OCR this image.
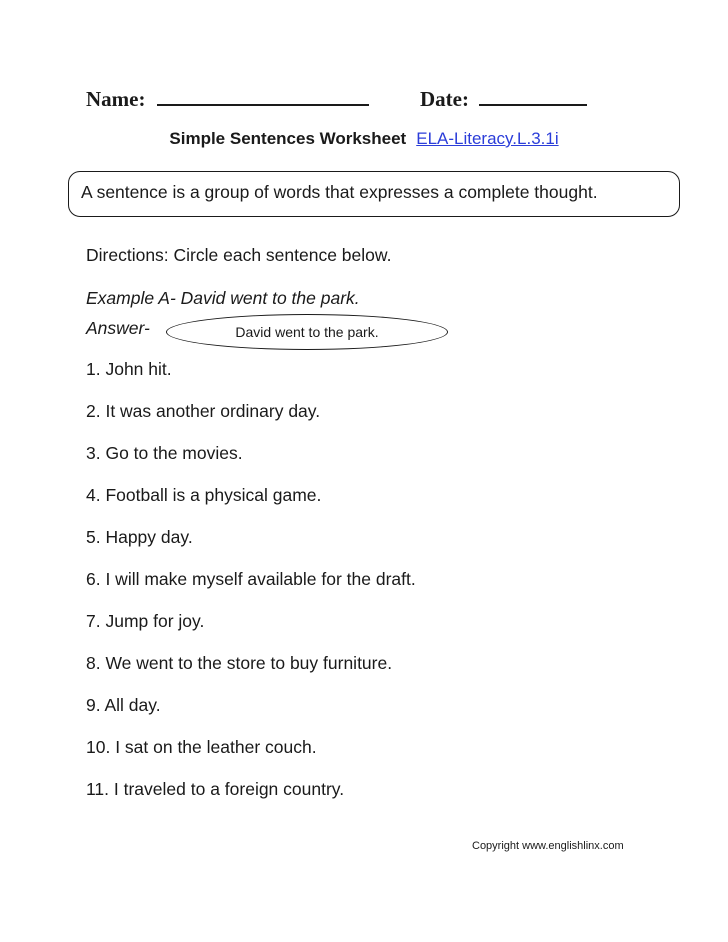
Name:	Date:
Simple Sentences Worksheet ELA-Literacy.L.3.1i
A sentence is a group of words that expresses a complete thought.
Directions: Circle each sentence below.
Example A- David went to the park.
Answer-	David went to the park.
1. John hit.
2. It was another ordinary day.
3. Go to the movies.
4. Football is a physical game.
5. Happy day.
6. I will make myself available for the draft.
7. Jump for joy.
8. We went to the store to buy furniture.
9. All day.
10. I sat on the leather couch.
11. I traveled to a foreign country.
Copyright www.englishlinx.com
